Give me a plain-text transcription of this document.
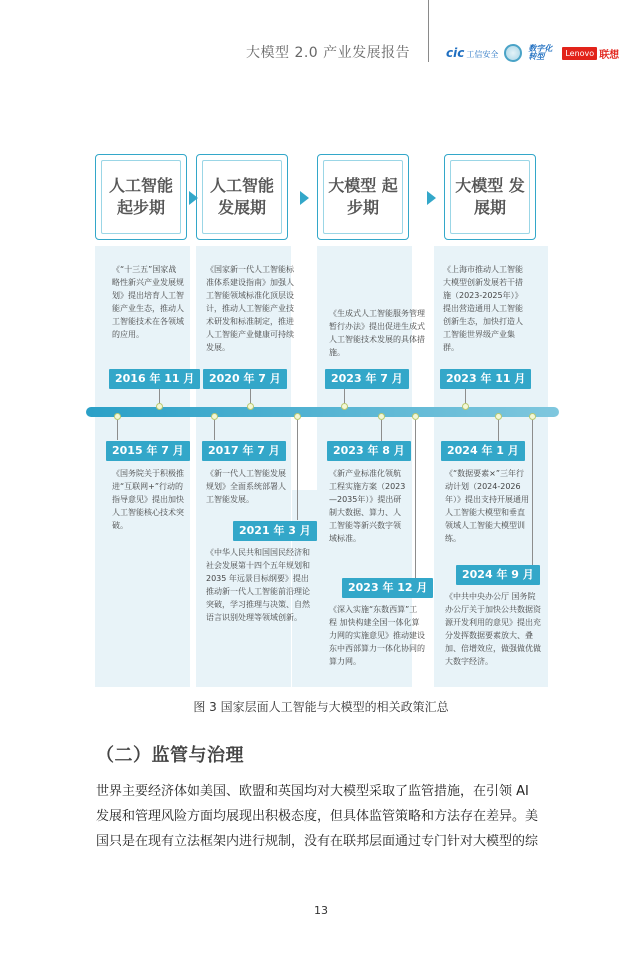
大模型 2.0 产业发展报告	cic 工信安全
数字化 转型	Lenovo 联想
人工智能 起步期
人工智能 发展期
大模型 起步期
大模型 发展期
《“十三五”国家战略性新兴产业发展规划》提出培育人工智能产业生态，推动人工智能技术在各领域的应用。
《国家新一代人工智能标准体系建设指南》加强人工智能领域标准化顶层设计，推动人工智能产业技术研发和标准制定，推进人工智能产业健康可持续发展。
《生成式人工智能服务管理暂行办法》提出促进生成式人工智能技术发展的具体措施。
《上海市推动人工智能大模型创新发展若干措施（2023-2025年）》提出营造通用人工智能创新生态，加快打造人工智能世界级产业集群。
2016 年 11 月	2020 年 7 月	2023 年 7 月	2023 年 11 月
2015 年 7 月	2017 年 7 月
2021 年 3 月
2023 年 8 月
2023 年 12 月
2024 年 1 月
2024 年 9 月
《国务院关于积极推进“互联网+”行动的指导意见》提出加快人工智能核心技术突破。
《新一代人工智能发展规划》全面系统部署人工智能发展。
《中华人民共和国国民经济和社会发展第十四个五年规划和 2035 年远景目标纲要》提出推动新一代人工智能前沿理论突破，学习推理与决策、自然语言识别处理等领域创新。
《新产业标准化领航工程实施方案（2023—2035年）》提出研制大数据、算力、人工智能等新兴数字领域标准。
《深入实施“东数西算”工程 加快构建全国一体化算力网的实施意见》推动建设东中西部算力一体化协同的算力网。
《“数据要素×”三年行动计划（2024-2026年）》提出支持开展通用人工智能大模型和垂直领域人工智能大模型训练。
《中共中央办公厅 国务院办公厅关于加快公共数据资源开发利用的意见》提出充分发挥数据要素放大、叠加、倍增效应，做强做优做大数字经济。
图 3 国家层面人工智能与大模型的相关政策汇总
（二）监管与治理

世界主要经济体如美国、欧盟和英国均对大模型采取了监管措施，在引领 AI

发展和管理风险方面均展现出积极态度，但具体监管策略和方法存在差异。美

国只是在现有立法框架内进行规制，没有在联邦层面通过专门针对大模型的综

13
